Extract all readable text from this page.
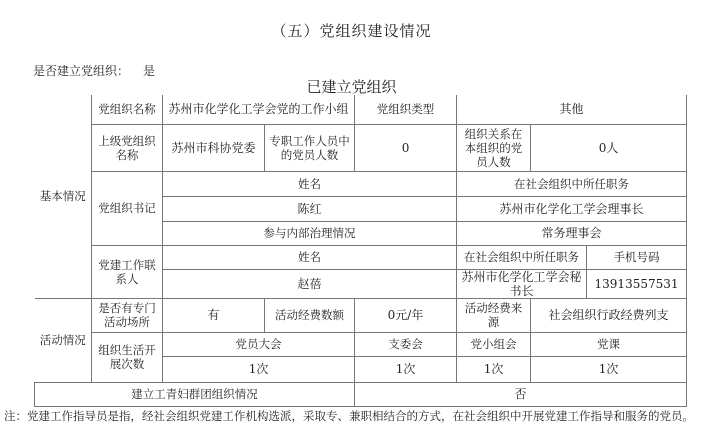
（五）党组织建设情况
是否建立党组织： 是
已建立党组织
基本情况	党组织名称	苏州市化学化工学会党的工作小组		党组织类型	其他		
	上级党组织名称	苏州市科协党委	专职工作人员中的党员人数	0	组织关系在本组织的党员人数	0人	
	党组织书记	姓名			在社会组织中所任职务		
		陈红			苏州市化学化工学会理事长		
		参与内部治理情况			常务理事会		
	党建工作联系人	姓名			在社会组织中所任职务		手机号码
		赵蓓			苏州市化学化工学会秘书长		13913557531
活动情况	是否有专门活动场所	有	活动经费数额	0元/年	活动经费来源	社会组织行政经费列支	
	组织生活开展次数	党员大会		支委会	党小组会	党课	
		1次		1次	1次	1次	
建立工青妇群团组织情况				否			
注：党建工作指导员是指，经社会组织党建工作机构选派，采取专、兼职相结合的方式，在社会组织中开展党建工作指导和服务的党员。
